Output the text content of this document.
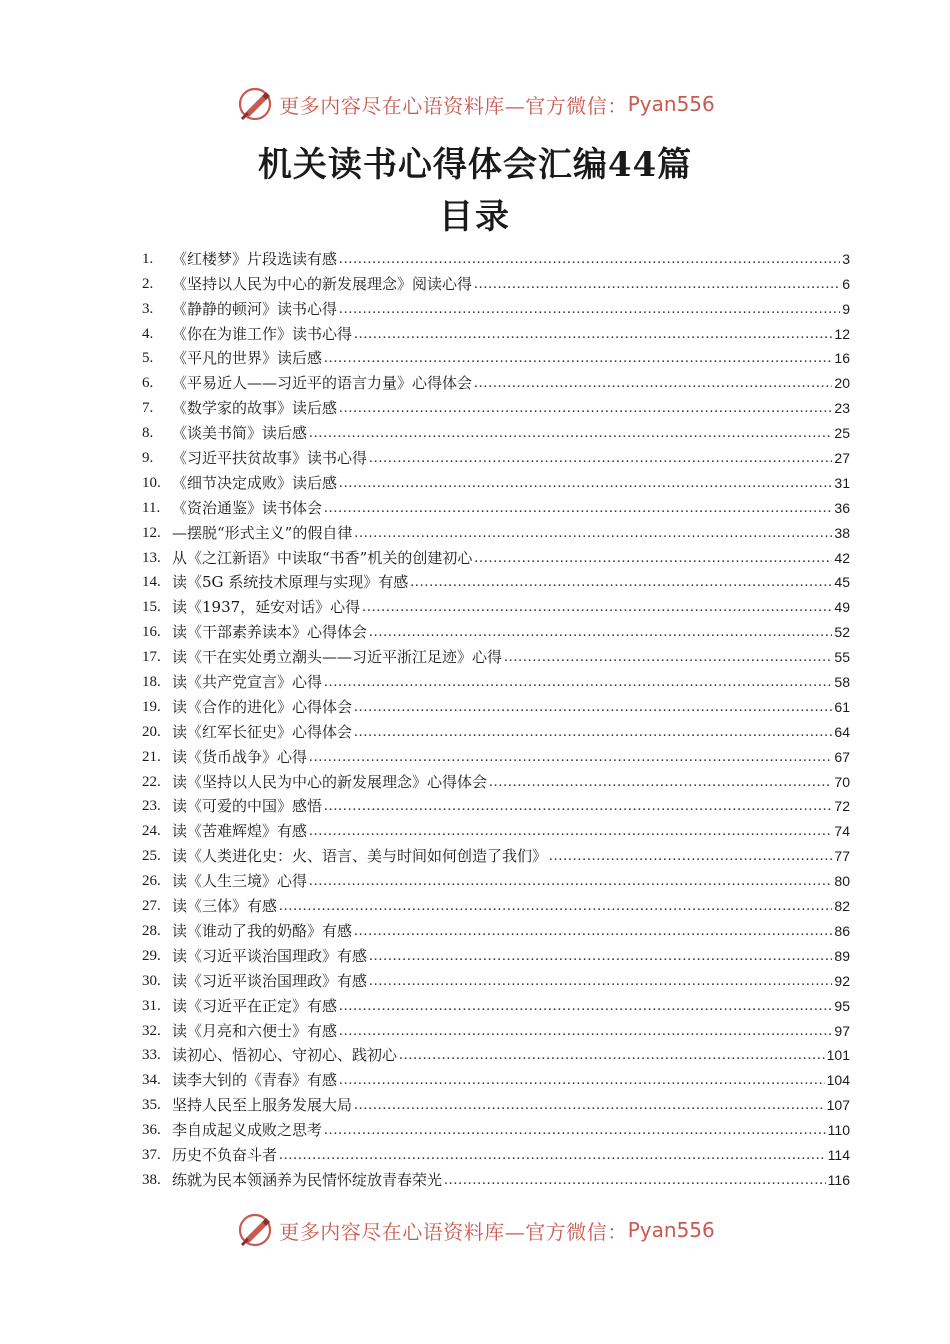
更多内容尽在心语资料库—官方微信： Pyan556
机关读书心得体会汇编44篇
目录
1.	《红楼梦》片段选读有感 .....	3
2.	《坚持以人民为中心的新发展理念》阅读心得 .....	6
3.	《静静的顿河》读书心得 .....	9
4.	《你在为谁工作》读书心得 .....	12
5.	《平凡的世界》读后感 .....	16
6.	《平易近人——习近平的语言力量》心得体会 .....	20
7.	《数学家的故事》读后感 .....	23
8.	《谈美书简》读后感 .....	25
9.	《习近平扶贫故事》读书心得 .....	27
10. 《细节决定成败》读后感 .....	31
11. 《资治通鉴》读书体会 .....	36
12. —摆脱“形式主义”的假自律 .....	38
13. 从《之江新语》中读取“书香”机关的创建初心 .....	42
14. 读《5G 系统技术原理与实现》有感 .....	45
15. 读《1937，延安对话》心得 .....	49
16. 读《干部素养读本》心得体会 .....	52
17. 读《干在实处勇立潮头——习近平浙江足迹》心得 .....	55
18. 读《共产党宣言》心得 .....	58
19. 读《合作的进化》心得体会 .....	61
20. 读《红军长征史》心得体会 .....	64
21. 读《货币战争》心得 .....	67
22. 读《坚持以人民为中心的新发展理念》心得体会 .....	70
23. 读《可爱的中国》感悟 .....	72
24. 读《苦难辉煌》有感 .....	74
25. 读《人类进化史：火、语言、美与时间如何创造了我们》 .....	77
26. 读《人生三境》心得 .....	80
27. 读《三体》有感 .....	82
28. 读《谁动了我的奶酪》有感 .....	86
29. 读《习近平谈治国理政》有感 .....	89
30. 读《习近平谈治国理政》有感 .....	92
31. 读《习近平在正定》有感 .....	95
32. 读《月亮和六便士》有感 .....	97
33. 读初心、悟初心、守初心、践初心 .....	101
34. 读李大钊的《青春》有感 .....	104
35. 坚持人民至上服务发展大局 .....	107
36. 李自成起义成败之思考 .....	110
37. 历史不负奋斗者 .....	114
38. 练就为民本领涵养为民情怀绽放青春荣光 .....	116
更多内容尽在心语资料库—官方微信： Pyan556
